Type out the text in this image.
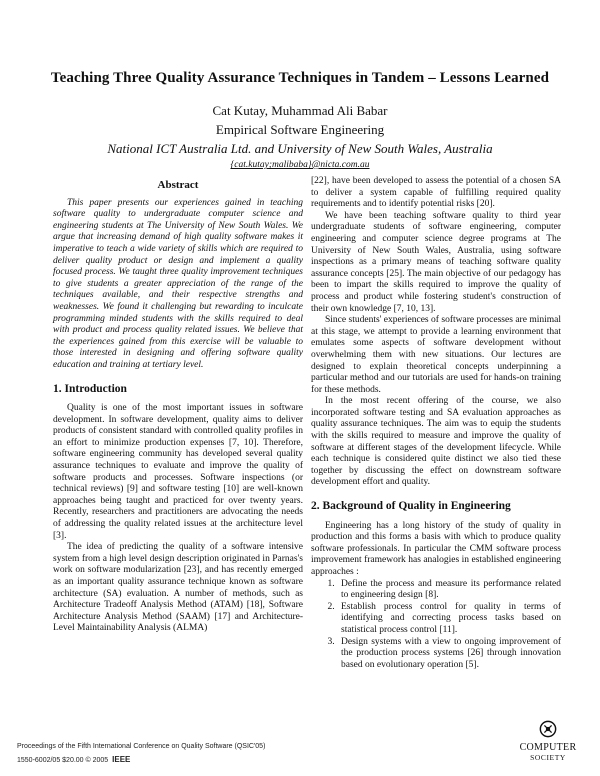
Teaching Three Quality Assurance Techniques in Tandem – Lessons Learned
Cat Kutay, Muhammad Ali Babar
Empirical Software Engineering
National ICT Australia Ltd. and University of New South Wales, Australia
{cat.kutay;malibaba}@nicta.com.au
Abstract

This paper presents our experiences gained in teaching software quality to undergraduate computer science and engineering students at The University of New South Wales. We argue that increasing demand of high quality software makes it imperative to teach a wide variety of skills which are required to deliver quality product or design and implement a quality focused process. We taught three quality improvement techniques to give students a greater appreciation of the range of the techniques available, and their respective strengths and weaknesses. We found it challenging but rewarding to inculcate programming minded students with the skills required to deal with product and process quality related issues. We believe that the experiences gained from this exercise will be valuable to those interested in designing and offering software quality education and training at tertiary level.

1. Introduction

Quality is one of the most important issues in software development. In software development, quality aims to deliver products of consistent standard with controlled quality profiles in an effort to minimize production expenses [7, 10]. Therefore, software engineering community has developed several quality assurance techniques to evaluate and improve the quality of software products and processes. Software inspections (or technical reviews) [9] and software testing [10] are well-known approaches being taught and practiced for over twenty years. Recently, researchers and practitioners are advocating the needs of addressing the quality related issues at the architecture level [3].

The idea of predicting the quality of a software intensive system from a high level design description originated in Parnas's work on software modularization [23], and has recently emerged as an important quality assurance technique known as software architecture (SA) evaluation. A number of methods, such as Architecture Tradeoff Analysis Method (ATAM) [18], Software Architecture Analysis Method (SAAM) [17] and Architecture-Level Maintainability Analysis (ALMA)

[22], have been developed to assess the potential of a chosen SA to deliver a system capable of fulfilling required quality requirements and to identify potential risks [20].

We have been teaching software quality to third year undergraduate students of software engineering, computer engineering and computer science degree programs at The University of New South Wales, Australia, using software inspections as a primary means of teaching software quality assurance concepts [25]. The main objective of our pedagogy has been to impart the skills required to improve the quality of process and product while fostering student's construction of their own knowledge [7, 10, 13].

Since students' experiences of software processes are minimal at this stage, we attempt to provide a learning environment that emulates some aspects of software development without overwhelming them with new situations. Our lectures are designed to explain theoretical concepts underpinning a particular method and our tutorials are used for hands-on training for these methods.

In the most recent offering of the course, we also incorporated software testing and SA evaluation approaches as quality assurance techniques. The aim was to equip the students with the skills required to measure and improve the quality of software at different stages of the development lifecycle. While each technique is considered quite distinct we also tied these together by discussing the effect on downstream software development effort and quality.

2. Background of Quality in Engineering

Engineering has a long history of the study of quality in production and this forms a basis with which to produce quality software professionals. In particular the CMM software process improvement framework has analogies in established engineering approaches :

1. Define the process and measure its performance related to engineering design [8].
2. Establish process control for quality in terms of identifying and correcting process tasks based on statistical process control [11].
3. Design systems with a view to ongoing improvement of the production process systems [26] through innovation based on evolutionary operation [5].
Proceedings of the Fifth International Conference on Quality Software (QSIC'05)
1550-6002/05 $20.00 © 2005 IEEE
COMPUTER
SOCIETY
